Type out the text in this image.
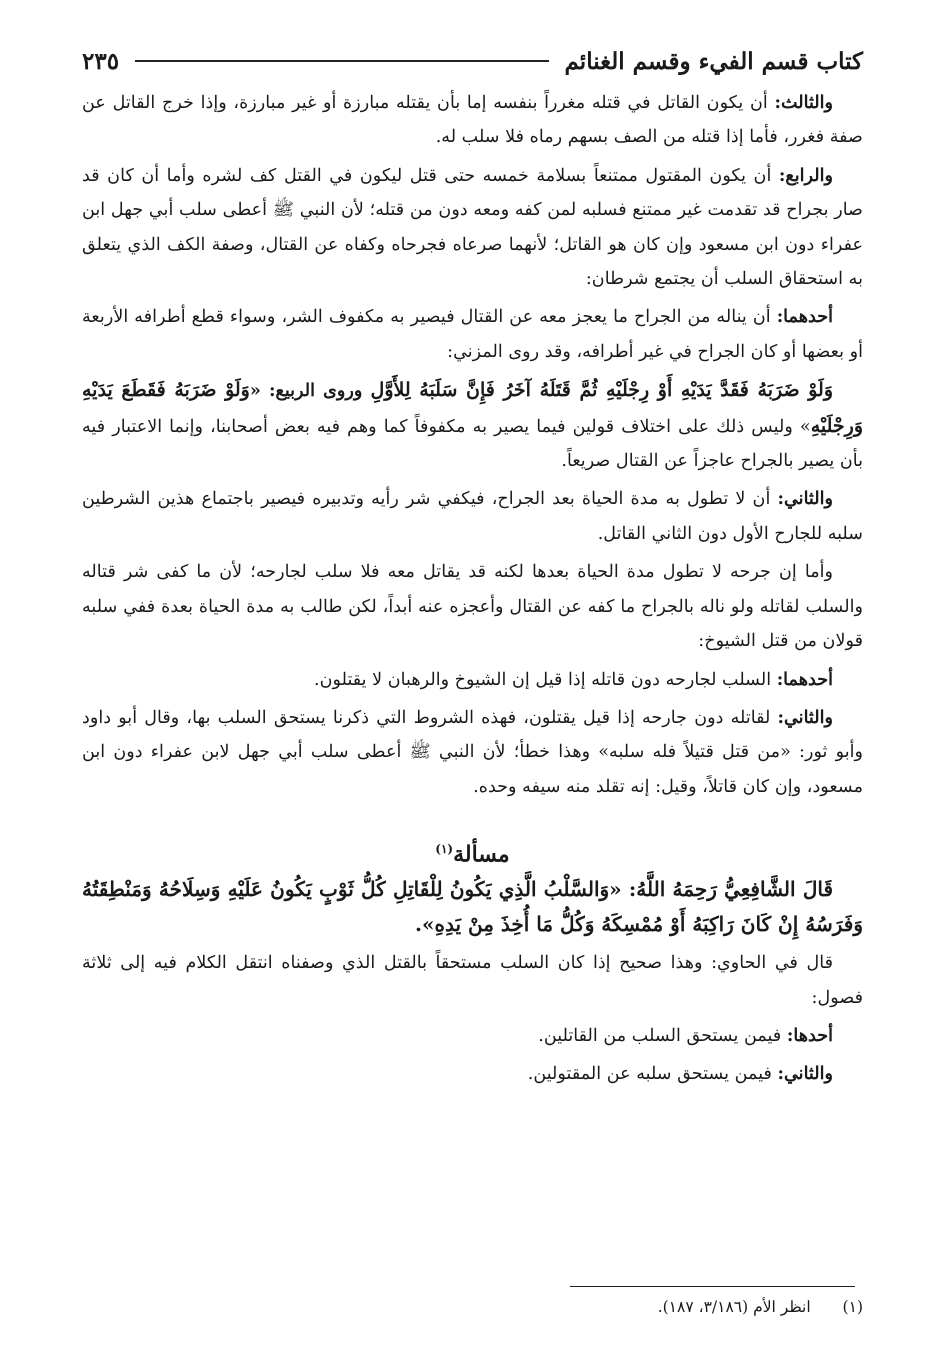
كتاب قسم الفيء وقسم الغنائم
٢٣٥

والثالث: أن يكون القاتل في قتله مغرراً بنفسه إما بأن يقتله مبارزة أو غير مبارزة، وإذا خرج القاتل عن صفة فغرر، فأما إذا قتله من الصف بسهم رماه فلا سلب له.

والرابع: أن يكون المقتول ممتنعاً بسلامة خمسه حتى قتل ليكون في القتل كف لشره وأما أن كان قد صار بجراح قد تقدمت غير ممتنع فسلبه لمن كفه ومعه دون من قتله؛ لأن النبي ﷺ أعطى سلب أبي جهل ابن عفراء دون ابن مسعود وإن كان هو القاتل؛ لأنهما صرعاه فجرحاه وكفاه عن القتال، وصفة الكف الذي يتعلق به استحقاق السلب أن يجتمع شرطان:

أحدهما: أن يناله من الجراح ما يعجز معه عن القتال فيصير به مكفوف الشر، وسواء قطع أطرافه الأربعة أو بعضها أو كان الجراح في غير أطرافه، وقد روى المزني:

وَلَوْ ضَرَبَهُ فَقَدَّ يَدَيْهِ أَوْ رِجْلَيْهِ ثُمَّ قَتَلَهُ آخَرُ فَإِنَّ سَلَبَهُ لِلأَوَّلِ وروى الربيع: «وَلَوْ ضَرَبَهُ فَقَطَعَ يَدَيْهِ وَرِجْلَيْهِ» وليس ذلك على اختلاف قولين فيما يصير به مكفوفاً كما وهم فيه بعض أصحابنا، وإنما الاعتبار فيه بأن يصير بالجراح عاجزاً عن القتال صريعاً.

والثاني: أن لا تطول به مدة الحياة بعد الجراح، فيكفي شر رأيه وتدبيره فيصير باجتماع هذين الشرطين سلبه للجارح الأول دون الثاني القاتل.

وأما إن جرحه لا تطول مدة الحياة بعدها لكنه قد يقاتل معه فلا سلب لجارحه؛ لأن ما كفى شر قتاله والسلب لقاتله ولو ناله بالجراح ما كفه عن القتال وأعجزه عنه أبداً، لكن طالب به مدة الحياة بعدة ففي سلبه قولان من قتل الشيوخ:

أحدهما: السلب لجارحه دون قاتله إذا قيل إن الشيوخ والرهبان لا يقتلون.

والثاني: لقاتله دون جارحه إذا قيل يقتلون، فهذه الشروط التي ذكرنا يستحق السلب بها، وقال أبو داود وأبو ثور: «من قتل قتيلاً فله سلبه» وهذا خطأ؛ لأن النبي ﷺ أعطى سلب أبي جهل لابن عفراء دون ابن مسعود، وإن كان قاتلاً، وقيل: إنه تقلد منه سيفه وحده.

مسألة$^{(١)}$

قَالَ الشَّافِعِيُّ رَحِمَهُ اللَّهُ: «وَالسَّلْبُ الَّذِي يَكُونُ لِلْقَاتِلِ كُلُّ ثَوْبٍ يَكُونُ عَلَيْهِ وَسِلَاحُهُ وَمَنْطِقَتُهُ وَفَرَسُهُ إِنْ كَانَ رَاكِبَهُ أَوْ مُمْسِكَهُ وَكُلُّ مَا أُخِذَ مِنْ يَدِهِ».

قال في الحاوي: وهذا صحيح إذا كان السلب مستحقاً بالقتل الذي وصفناه انتقل الكلام فيه إلى ثلاثة فصول:

أحدها: فيمن يستحق السلب من القاتلين.

والثاني: فيمن يستحق سلبه عن المقتولين.

(١)  انظر الأم (٣/١٨٦، ١٨٧).
